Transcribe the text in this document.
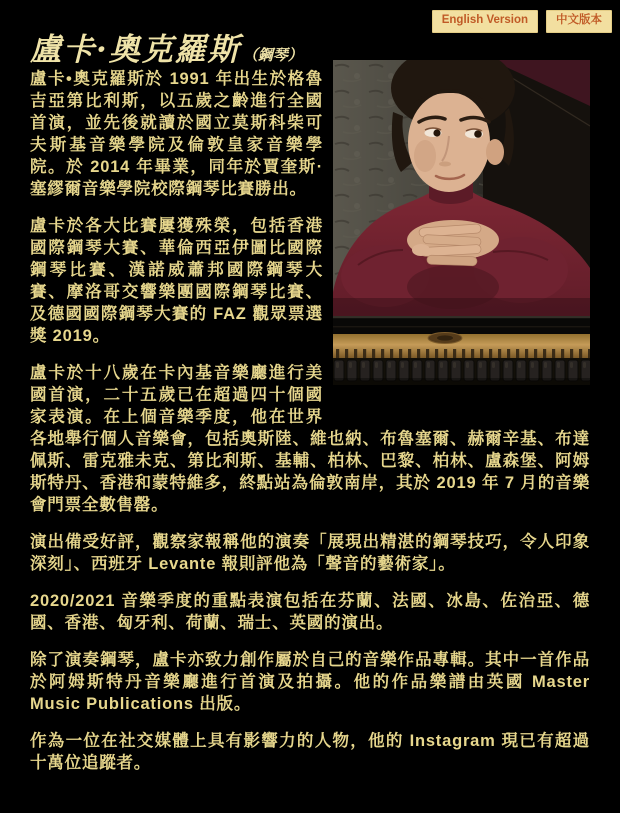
English Version	中文版本
盧卡·奧克羅斯 （鋼琴）

盧卡•奧克羅斯於 1991 年出生於格魯吉亞第比利斯，以五歲之齡進行全國首演，並先後就讀於國立莫斯科柴可夫斯基音樂學院及倫敦皇家音樂學院。於 2014 年畢業，同年於賈奎斯·塞繆爾音樂學院校際鋼琴比賽勝出。

盧卡於各大比賽屢獲殊榮，包括香港國際鋼琴大賽、華倫西亞伊圖比國際鋼琴比賽、漢諾威蕭邦國際鋼琴大賽、摩洛哥交響樂團國際鋼琴比賽、及德國國際鋼琴大賽的 FAZ 觀眾票選獎 2019。

盧卡於十八歲在卡內基音樂廳進行美國首演，二十五歲已在超過四十個國家表演。在上個音樂季度，他在世界各地舉行個人音樂會，包括奧斯陸、維也納、布魯塞爾、赫爾辛基、布達佩斯、雷克雅未克、第比利斯、基輔、柏林、巴黎、柏林、盧森堡、阿姆斯特丹、香港和蒙特維多，終點站為倫敦南岸，其於 2019 年 7 月的音樂會門票全數售罄。

演出備受好評，觀察家報稱他的演奏「展現出精湛的鋼琴技巧，令人印象深刻」、西班牙 Levante 報則評他為「聲音的藝術家」。

2020/2021 音樂季度的重點表演包括在芬蘭、法國、冰島、佐治亞、德國、香港、匈牙利、荷蘭、瑞士、英國的演出。

除了演奏鋼琴，盧卡亦致力創作屬於自己的音樂作品專輯。其中一首作品於阿姆斯特丹音樂廳進行首演及拍攝。他的作品樂譜由英國 Master Music Publications 出版。

作為一位在社交媒體上具有影響力的人物，他的 Instagram 現已有超過十萬位追蹤者。
